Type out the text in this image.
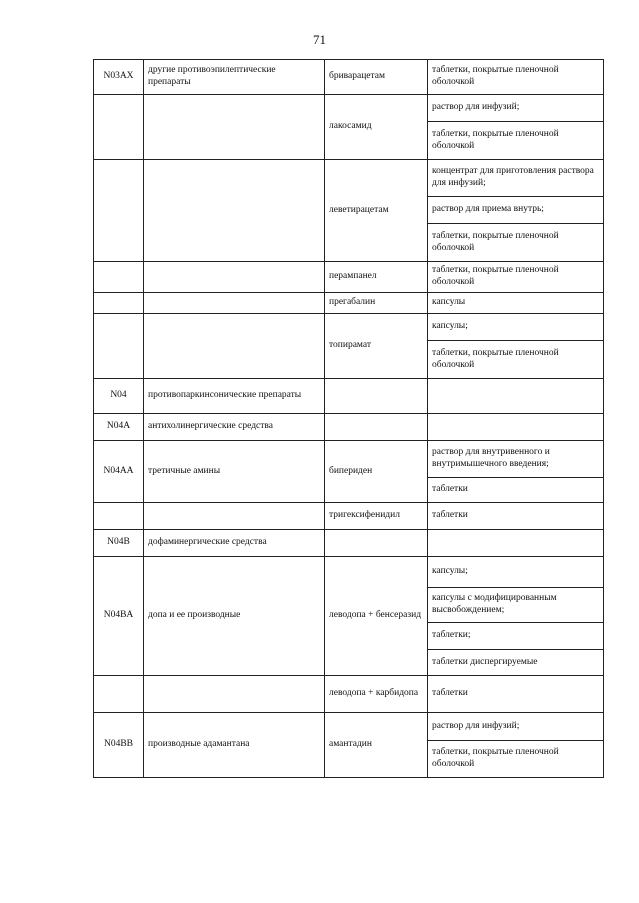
71
N03AX	другие противоэпилептические препараты	бриварацетам	таблетки, покрытые пленочной оболочкой
		лакосамид	раствор для инфузий;
			таблетки, покрытые пленочной оболочкой
		леветирацетам	концентрат для приготовления раствора для инфузий;
			раствор для приема внутрь;
			таблетки, покрытые пленочной оболочкой
		перампанел	таблетки, покрытые пленочной оболочкой
		прегабалин	капсулы
		топирамат	капсулы;
			таблетки, покрытые пленочной оболочкой
N04	противопаркинсонические препараты		
N04A	антихолинергические средства		
N04AA	третичные амины	бипериден	раствор для внутривенного и внутримышечного введения;
			таблетки
		тригексифенидил	таблетки
N04B	дофаминергические средства		
N04BA	допа и ее производные	леводопа + бенсеразид	капсулы;
			капсулы с модифицированным высвобождением;
			таблетки;
			таблетки диспергируемые
		леводопа + карбидопа	таблетки
N04BB	производные адамантана	амантадин	раствор для инфузий;
			таблетки, покрытые пленочной оболочкой
